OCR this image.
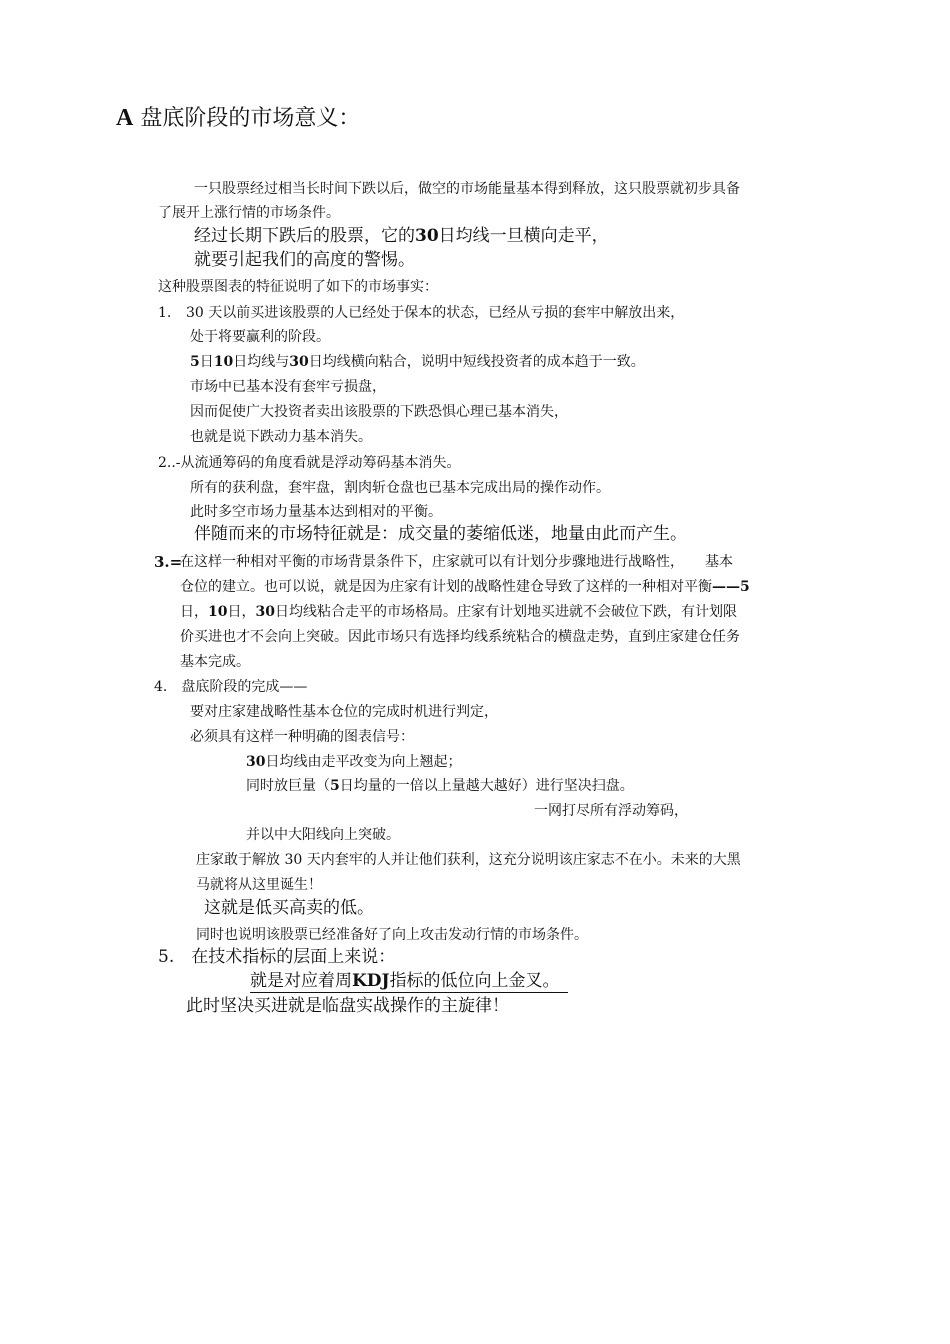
A 盘底阶段的市场意义：
一只股票经过相当长时间下跌以后，做空的市场能量基本得到释放，这只股票就初步具备
了展开上涨行情的市场条件。
经过长期下跌后的股票，它的30日均线一旦横向走平，
就要引起我们的高度的警惕。
这种股票图表的特征说明了如下的市场事实：
1. 30 天以前买进该股票的人已经处于保本的状态，已经从亏损的套牢中解放出来，
处于将要赢利的阶段。
5日10日均线与30日均线横向粘合，说明中短线投资者的成本趋于一致。
市场中已基本没有套牢亏损盘，
因而促使广大投资者卖出该股票的下跌恐惧心理已基本消失，
也就是说下跌动力基本消失。
2..-从流通筹码的角度看就是浮动筹码基本消失。
所有的获利盘，套牢盘，割肉斩仓盘也已基本完成出局的操作动作。
此时多空市场力量基本达到相对的平衡。
伴随而来的市场特征就是：成交量的萎缩低迷，地量由此而产生。
3.=
在这样一种相对平衡的市场背景条件下，庄家就可以有计划分步骤地进行战略性，　　基本
仓位的建立。也可以说，就是因为庄家有计划的战略性建仓导致了这样的一种相对平衡——5
日，10日，30日均线粘合走平的市场格局。庄家有计划地买进就不会破位下跌，有计划限
价买进也才不会向上突破。因此市场只有选择均线系统粘合的横盘走势，直到庄家建仓任务
基本完成。
4.　盘底阶段的完成——
要对庄家建战略性基本仓位的完成时机进行判定，
必须具有这样一种明确的图表信号：
30日均线由走平改变为向上翘起；
同时放巨量（5日均量的一倍以上量越大越好）进行坚决扫盘。
一网打尽所有浮动筹码，
并以中大阳线向上突破。
庄家敢于解放 30 天内套牢的人并让他们获利，这充分说明该庄家志不在小。未来的大黑
马就将从这里诞生！
这就是低买高卖的低。
同时也说明该股票已经准备好了向上攻击发动行情的市场条件。
5.　在技术指标的层面上来说：
就是对应着周KDJ指标的低位向上金叉。　
此时坚决买进就是临盘实战操作的主旋律！
